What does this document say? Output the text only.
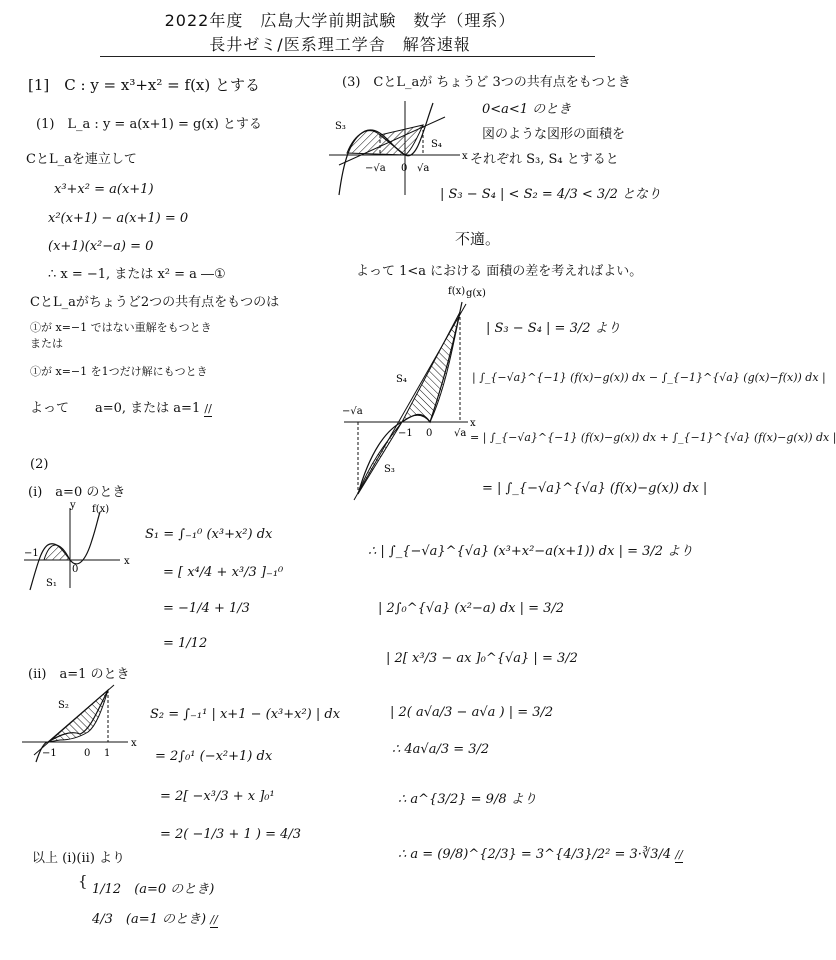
2022年度　広島大学前期試験　数学（理系）
長井ゼミ/医系理工学舎　解答速報
[1]　C : y = x³+x² = f(x) とする
(1)　L_a : y = a(x+1) = g(x) とする
CとL_aを連立して
x³+x² = a(x+1)
x²(x+1) − a(x+1) = 0
(x+1)(x²−a) = 0
∴ x = −1, または x² = a ―①
CとL_aがちょうど2つの共有点をもつのは
①が x=−1 ではない重解をもつとき
または
①が x=−1 を1つだけ解にもつとき
よって　　a=0, または a=1 //
(2)
(i)　a=0 のとき
S₁ = ∫₋₁⁰ (x³+x²) dx
= [ x⁴/4 + x³/3 ]₋₁⁰
= −1/4 + 1/3
= 1/12
(ii)　a=1 のとき
S₂ = ∫₋₁¹ | x+1 − (x³+x²) | dx
= 2∫₀¹ (−x²+1) dx
= 2[ −x³/3 + x ]₀¹
= 2( −1/3 + 1 ) = 4/3
以上 (i)(ii) より
{ 1/12　(a=0 のとき)
4/3　(a=1 のとき) //
(3)　CとL_aが ちょうど 3つの共有点をもつとき
0<a<1 のとき
図のような図形の面積を
それぞれ S₃, S₄ とすると
| S₃ − S₄ | < S₂ = 4/3 < 3/2 となり
不適。
よって 1<a における 面積の差を考えればよい。
| S₃ − S₄ | = 3/2 より
| ∫_{−√a}^{−1} (f(x)−g(x)) dx − ∫_{−1}^{√a} (g(x)−f(x)) dx |
= | ∫_{−√a}^{−1} (f(x)−g(x)) dx + ∫_{−1}^{√a} (f(x)−g(x)) dx |
= | ∫_{−√a}^{√a} (f(x)−g(x)) dx |
∴ | ∫_{−√a}^{√a} (x³+x²−a(x+1)) dx | = 3/2 より
| 2∫₀^{√a} (x²−a) dx | = 3/2
| 2[ x³/3 − ax ]₀^{√a} | = 3/2
| 2( a√a/3 − a√a ) | = 3/2
∴ 4a√a/3 = 3/2
∴ a^{3/2} = 9/8 より
∴ a = (9/8)^{2/3} = 3^{4/3}/2² = 3·∛3/4 //
y f(x)
x
0
−1
S₁
S₂
x
−1	0 1
S₃
S₄
x
−√a 0 √a
f(x) g(x)
S₄
S₃
x
−√a
−1 0 √a
